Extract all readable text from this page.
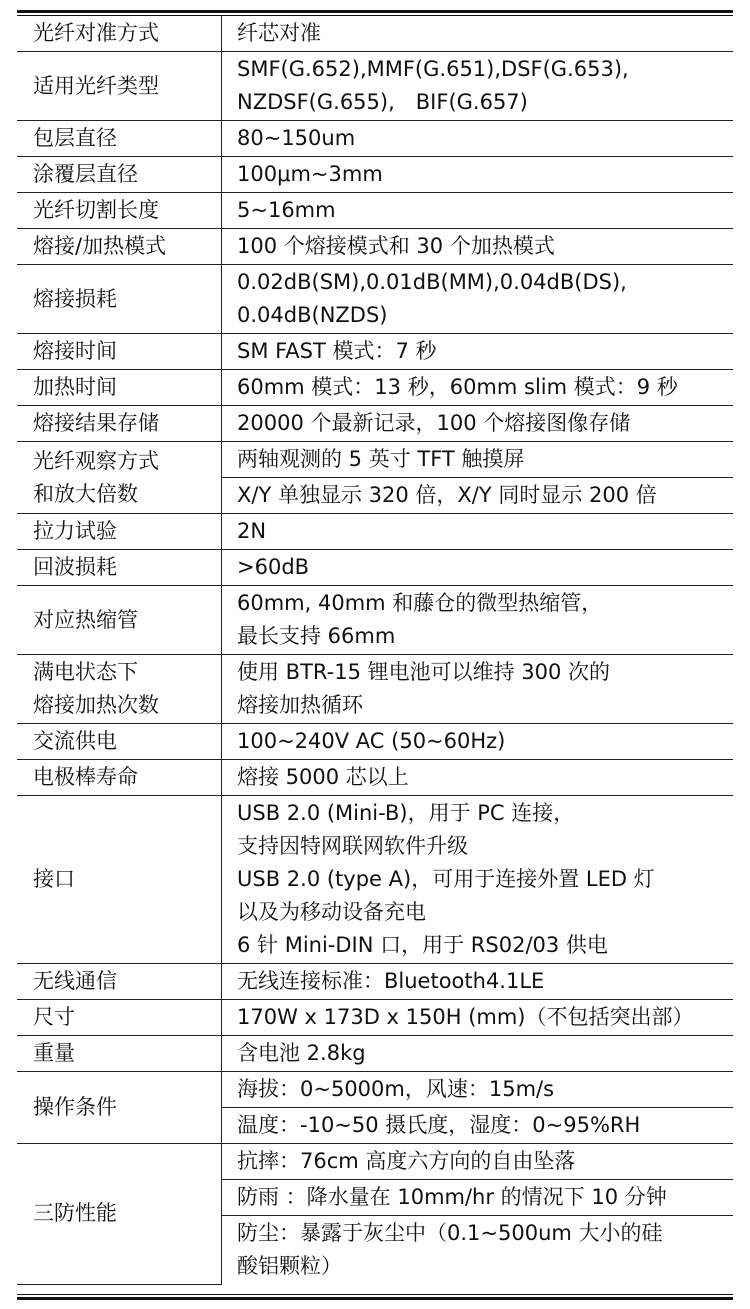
光纤对准方式	纤芯对准

适用光纤类型	SMF(G.652),MMF(G.651),DSF(G.653),
NZDSF(G.655),　BIF(G.657)

包层直径	80~150um

涂覆层直径	100μm~3mm

光纤切割长度	5~16mm

熔接/加热模式	100 个熔接模式和 30 个加热模式

熔接损耗	0.02dB(SM),0.01dB(MM),0.04dB(DS),
0.04dB(NZDS)

熔接时间	SM FAST 模式：7 秒

加热时间	60mm 模式：13 秒，60mm slim 模式：9 秒

熔接结果存储	20000 个最新记录，100 个熔接图像存储

光纤观察方式
和放大倍数	两轴观测的 5 英寸 TFT 触摸屏

	X/Y 单独显示 320 倍，X/Y 同时显示 200 倍

拉力试验	2N

回波损耗	>60dB

对应热缩管	60mm, 40mm 和藤仓的微型热缩管，
最长支持 66mm

满电状态下
熔接加热次数	使用 BTR-15 锂电池可以维持 300 次的
熔接加热循环

交流供电	100~240V AC (50~60Hz)

电极棒寿命	熔接 5000 芯以上

接口	USB 2.0 (Mini-B)，用于 PC 连接，
支持因特网联网软件升级
USB 2.0 (type A)，可用于连接外置 LED 灯
以及为移动设备充电
6 针 Mini-DIN 口，用于 RS02/03 供电

无线通信	无线连接标准：Bluetooth4.1LE

尺寸	170W x 173D x 150H (mm)（不包括突出部）

重量	含电池 2.8kg

操作条件	海拔：0~5000m，风速：15m/s

	温度：-10~50 摄氏度，湿度：0~95%RH

三防性能	抗摔：76cm 高度六方向的自由坠落

	防雨 ：降水量在 10mm/hr 的情况下 10 分钟

	防尘：暴露于灰尘中（0.1~500um 大小的硅
酸铝颗粒）
